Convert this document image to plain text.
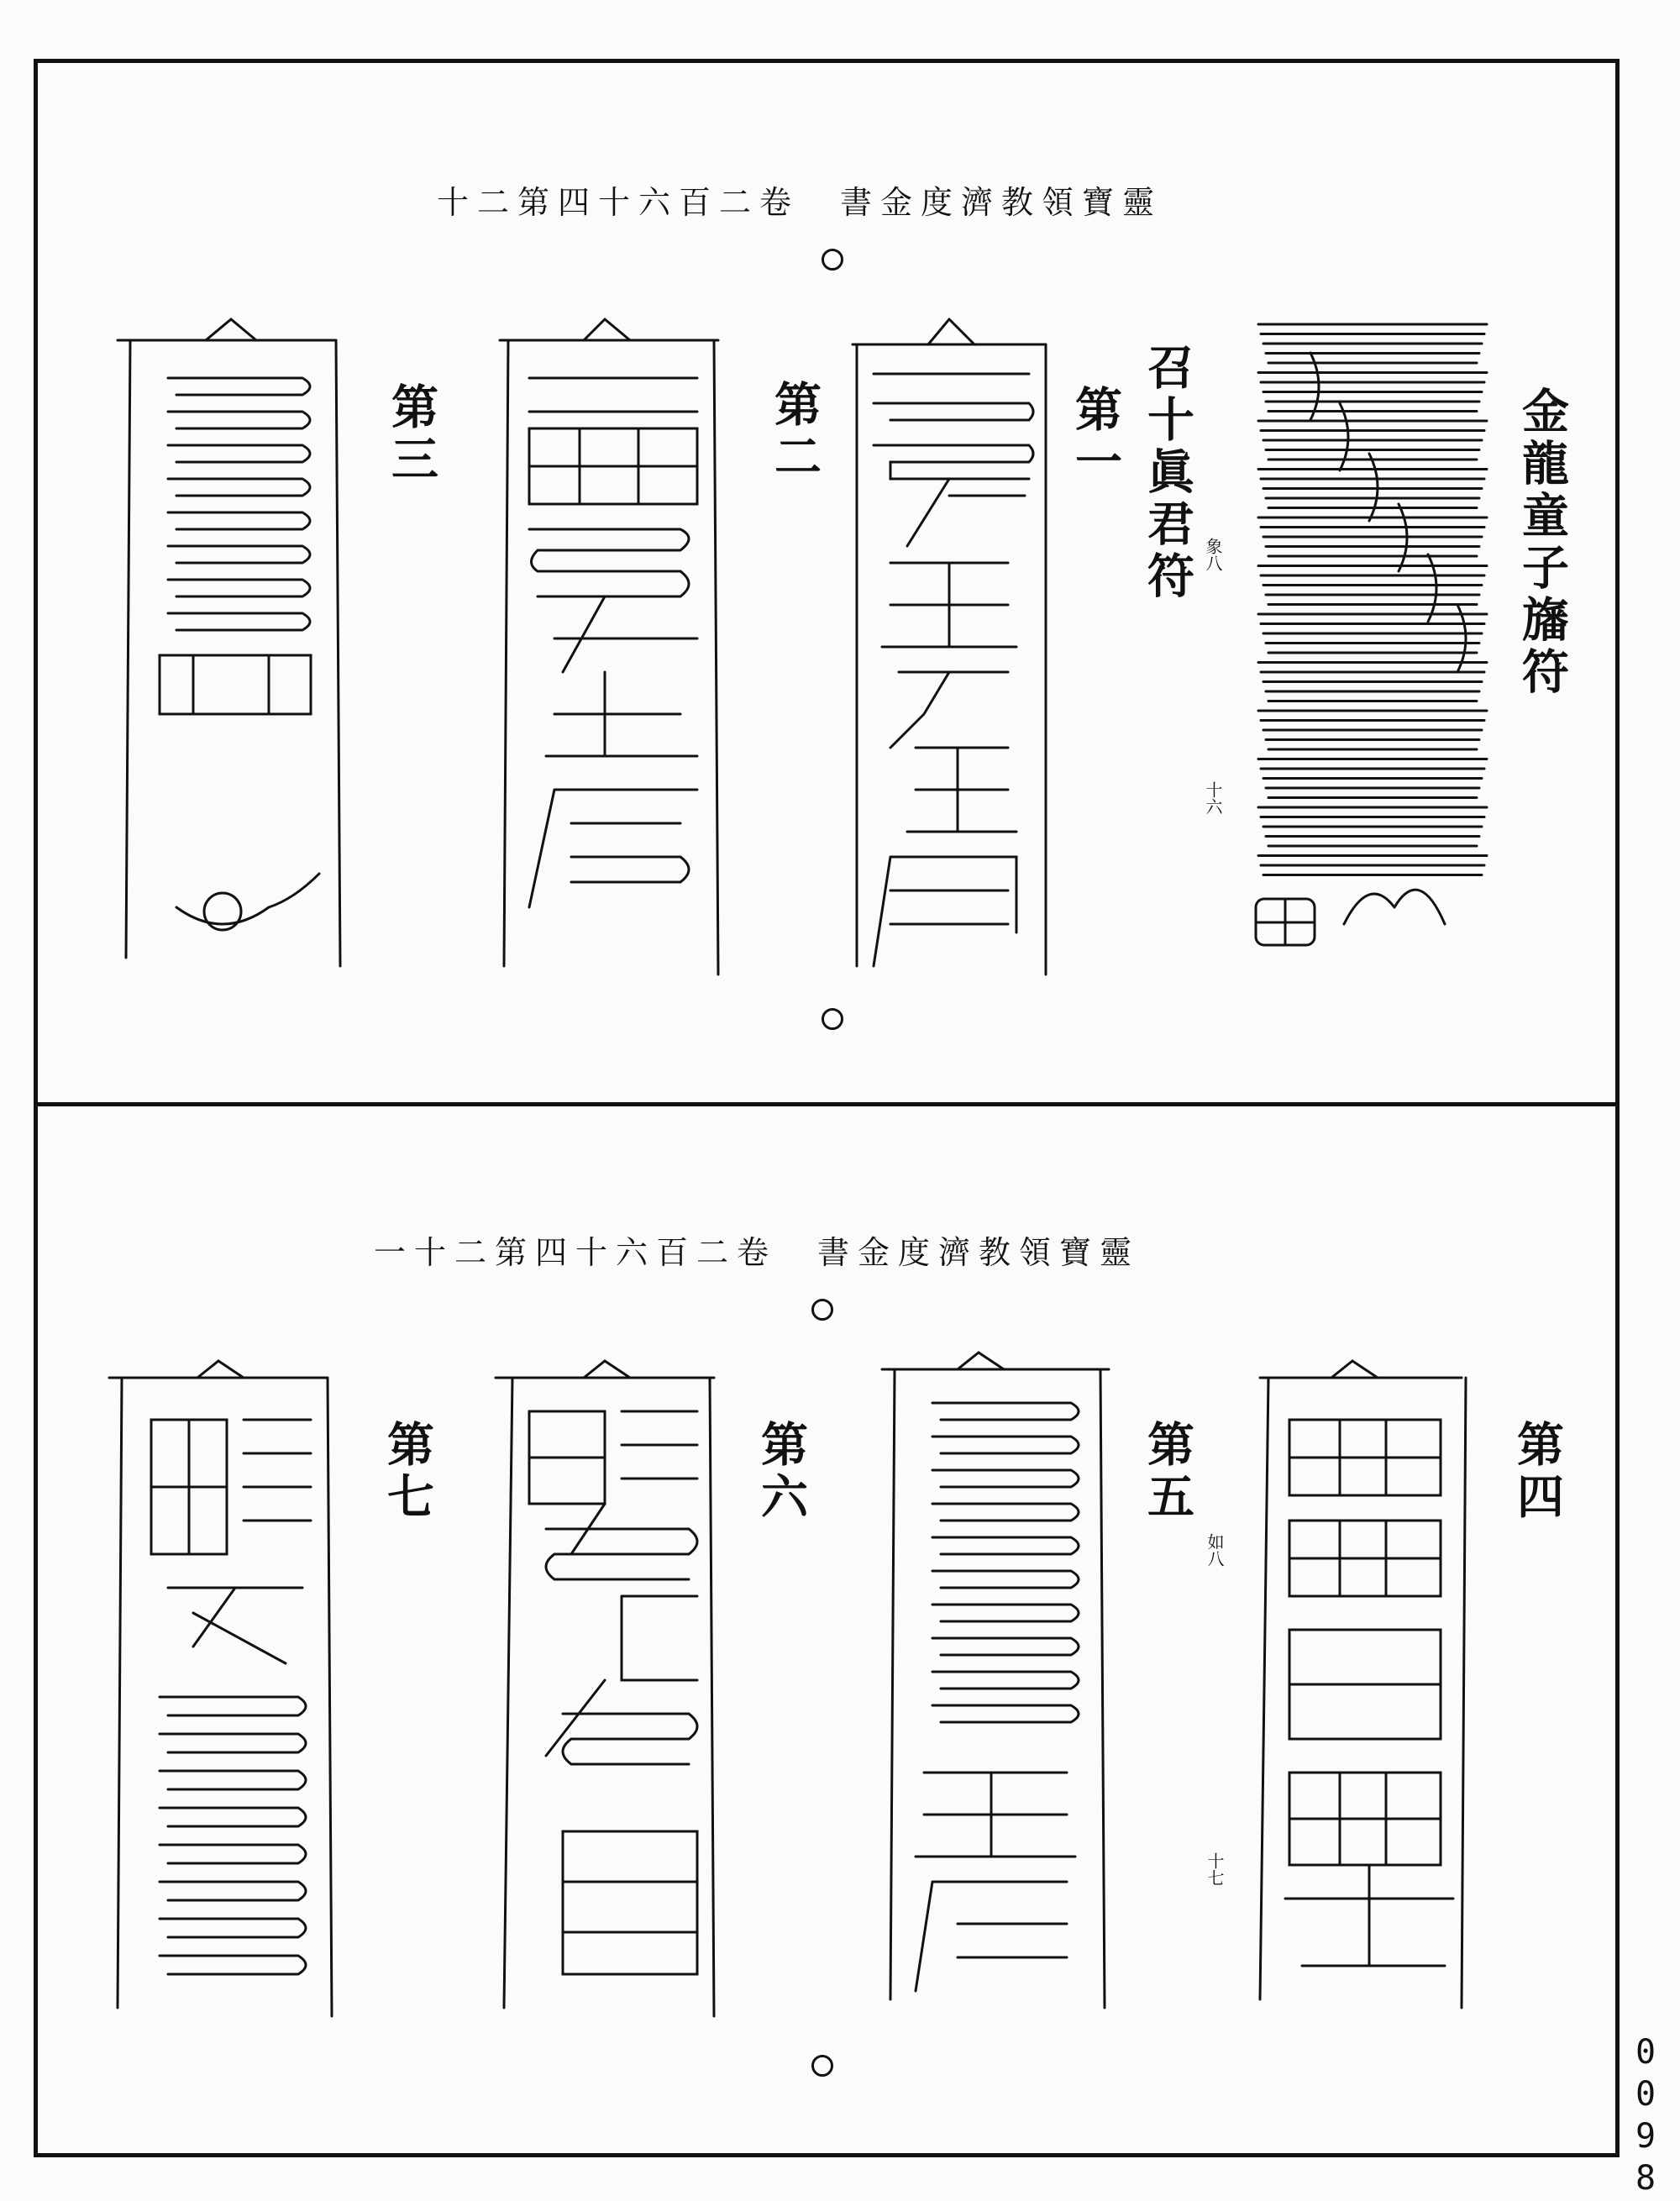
十二第四十六百二卷　書金度濟教領寶靈
金龍童子旛符
召十眞君符 象八
十六
第一
第二
第三
一十二第四十六百二卷　書金度濟教領寶靈
第四
第五
第六
第七
如八
十七
0098
